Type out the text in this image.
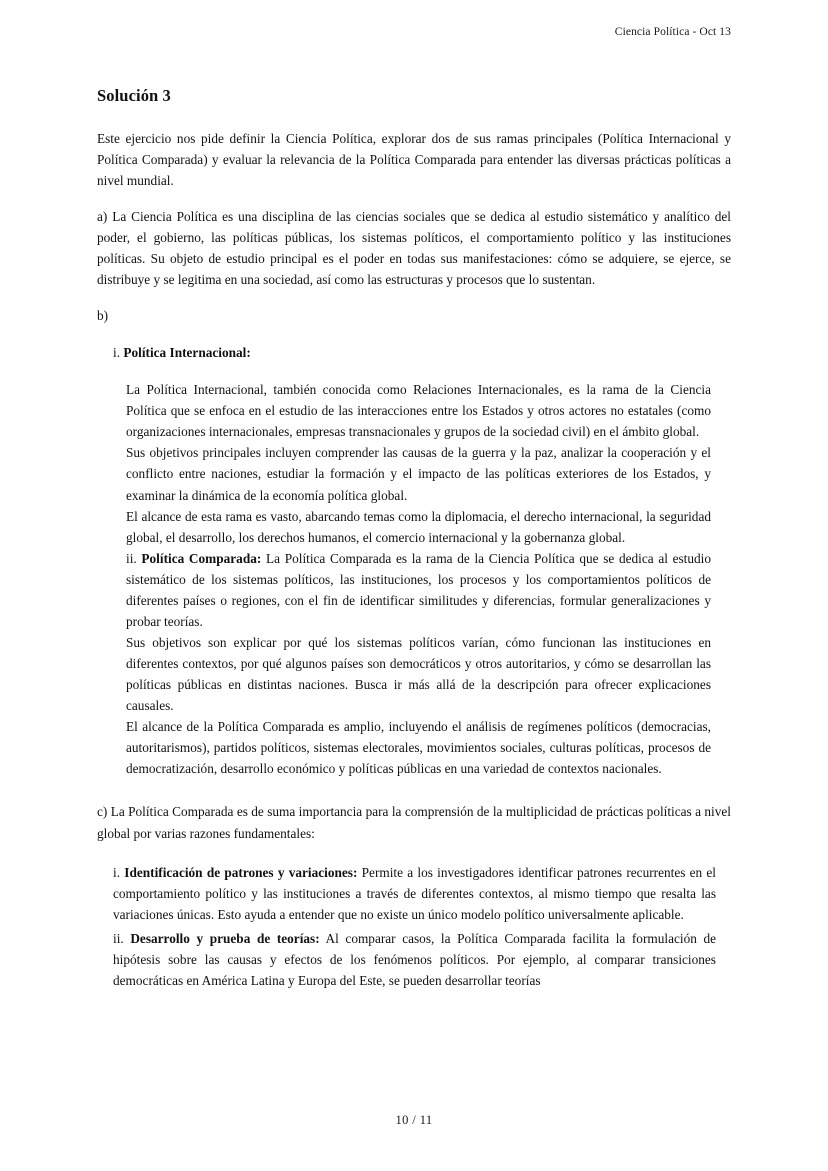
Ciencia Política - Oct 13
Solución 3

Este ejercicio nos pide definir la Ciencia Política, explorar dos de sus ramas principales (Política Internacional y Política Comparada) y evaluar la relevancia de la Política Comparada para entender las diversas prácticas políticas a nivel mundial.

a) La Ciencia Política es una disciplina de las ciencias sociales que se dedica al estudio sistemático y analítico del poder, el gobierno, las políticas públicas, los sistemas políticos, el comportamiento político y las instituciones políticas. Su objeto de estudio principal es el poder en todas sus manifestaciones: cómo se adquiere, se ejerce, se distribuye y se legitima en una sociedad, así como las estructuras y procesos que lo sustentan.

b)

i. Política Internacional:

La Política Internacional, también conocida como Relaciones Internacionales, es la rama de la Ciencia Política que se enfoca en el estudio de las interacciones entre los Estados y otros actores no estatales (como organizaciones internacionales, empresas transnacionales y grupos de la sociedad civil) en el ámbito global.

Sus objetivos principales incluyen comprender las causas de la guerra y la paz, analizar la cooperación y el conflicto entre naciones, estudiar la formación y el impacto de las políticas exteriores de los Estados, y examinar la dinámica de la economía política global.

El alcance de esta rama es vasto, abarcando temas como la diplomacia, el derecho internacional, la seguridad global, el desarrollo, los derechos humanos, el comercio internacional y la gobernanza global.

ii. Política Comparada: La Política Comparada es la rama de la Ciencia Política que se dedica al estudio sistemático de los sistemas políticos, las instituciones, los procesos y los comportamientos políticos de diferentes países o regiones, con el fin de identificar similitudes y diferencias, formular generalizaciones y probar teorías.

Sus objetivos son explicar por qué los sistemas políticos varían, cómo funcionan las instituciones en diferentes contextos, por qué algunos países son democráticos y otros autoritarios, y cómo se desarrollan las políticas públicas en distintas naciones. Busca ir más allá de la descripción para ofrecer explicaciones causales.

El alcance de la Política Comparada es amplio, incluyendo el análisis de regímenes políticos (democracias, autoritarismos), partidos políticos, sistemas electorales, movimientos sociales, culturas políticas, procesos de democratización, desarrollo económico y políticas públicas en una variedad de contextos nacionales.

c) La Política Comparada es de suma importancia para la comprensión de la multiplicidad de prácticas políticas a nivel global por varias razones fundamentales:

i. Identificación de patrones y variaciones: Permite a los investigadores identificar patrones recurrentes en el comportamiento político y las instituciones a través de diferentes contextos, al mismo tiempo que resalta las variaciones únicas. Esto ayuda a entender que no existe un único modelo político universalmente aplicable.

ii. Desarrollo y prueba de teorías: Al comparar casos, la Política Comparada facilita la formulación de hipótesis sobre las causas y efectos de los fenómenos políticos. Por ejemplo, al comparar transiciones democráticas en América Latina y Europa del Este, se pueden desarrollar teorías

10 / 11
